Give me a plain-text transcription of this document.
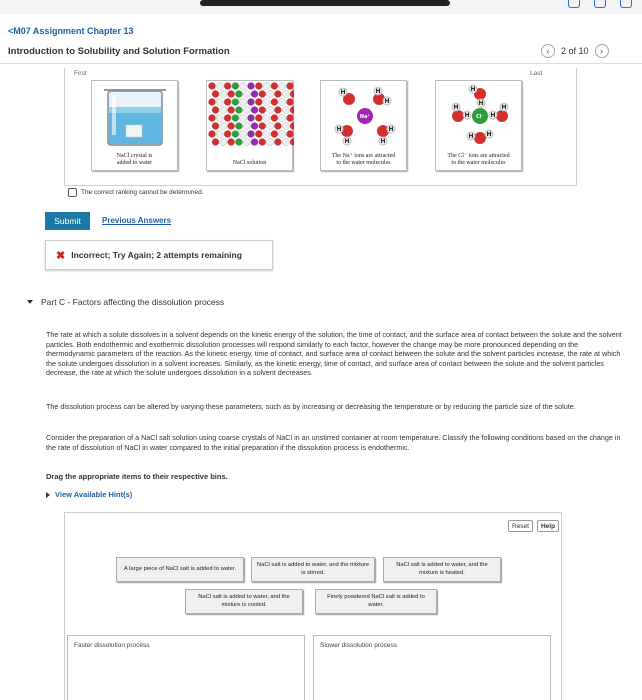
<M07 Assignment Chapter 13
Introduction to Solubility and Solution Formation	‹	2 of 10	›
First	Last
NaCl crystal is
added to water	NaCl solution
H	H
H
Na⁺
H
H
H
H
The Na⁺ ions are attracted
to the water molecules
H
H
H
H Cl⁻ H
H
H H
The Cl⁻ ions are attracted
to the water molecules
The correct ranking cannot be determined.
Submit	Previous Answers
✖ Incorrect; Try Again; 2 attempts remaining
Part C - Factors affecting the dissolution process
The rate at which a solute dissolves in a solvent depends on the kinetic energy of the solution, the time of contact, and the surface area of contact between the solute and the solvent particles. Both endothermic and exothermic dissolution processes will respond similarly to each factor, however the change may be more pronounced depending on the thermodynamic parameters of the reaction. As the kinetic energy, time of contact, and surface area of contact between the solute and the solvent particles increase, the rate at which the solute undergoes dissolution in a solvent increases. Similarly, as the kinetic energy, time of contact, and surface area of contact between the solute and the solvent particles decrease, the rate at which the solute undergoes dissolution in a solvent decreases.
The dissolution process can be altered by varying these parameters, such as by increasing or decreasing the temperature or by reducing the particle size of the solute.
Consider the preparation of a NaCl salt solution using coarse crystals of NaCl in an unstirred container at room temperature. Classify the following conditions based on the change in the rate of dissolution of NaCl in water compared to the initial preparation if the dissolution process is endothermic.
Drag the appropriate items to their respective bins.
View Available Hint(s)
Reset	Help
A large piece of NaCl salt is added to water.
NaCl salt is added to water, and the mixture is stirred.
NaCl salt is added to water, and the mixture is heated.
NaCl salt is added to water, and the mixture is cooled.
Finely powdered NaCl salt is added to water.
Faster dissolution process	Slower dissolution process
